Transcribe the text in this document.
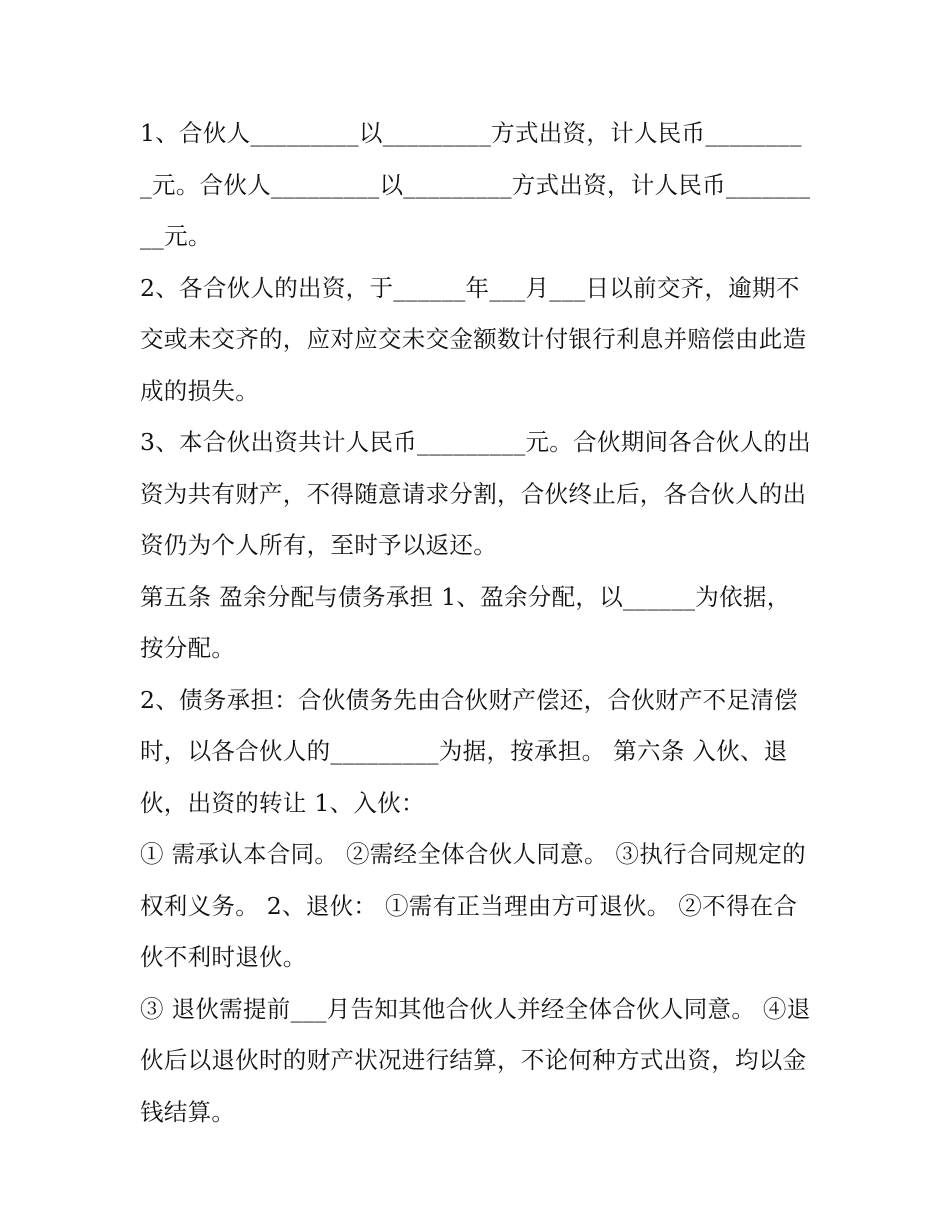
1、合伙人_________以_________方式出资，计人民币_________元。合伙人_________以_________方式出资，计人民币_________元。

2、各合伙人的出资，于______年___月___日以前交齐，逾期不交或未交齐的，应对应交未交金额数计付银行利息并赔偿由此造成的损失。

3、本合伙出资共计人民币_________元。合伙期间各合伙人的出资为共有财产，不得随意请求分割，合伙终止后，各合伙人的出资仍为个人所有，至时予以返还。

第五条 盈余分配与债务承担 1、盈余分配，以______为依据，按分配。

2、债务承担：合伙债务先由合伙财产偿还，合伙财产不足清偿时，以各合伙人的_________为据，按承担。 第六条 入伙、退伙，出资的转让 1、入伙：

① 需承认本合同。 ②需经全体合伙人同意。 ③执行合同规定的权利义务。 2、退伙： ①需有正当理由方可退伙。 ②不得在合伙不利时退伙。

③ 退伙需提前___月告知其他合伙人并经全体合伙人同意。 ④退伙后以退伙时的财产状况进行结算，不论何种方式出资，均以金钱结算。
